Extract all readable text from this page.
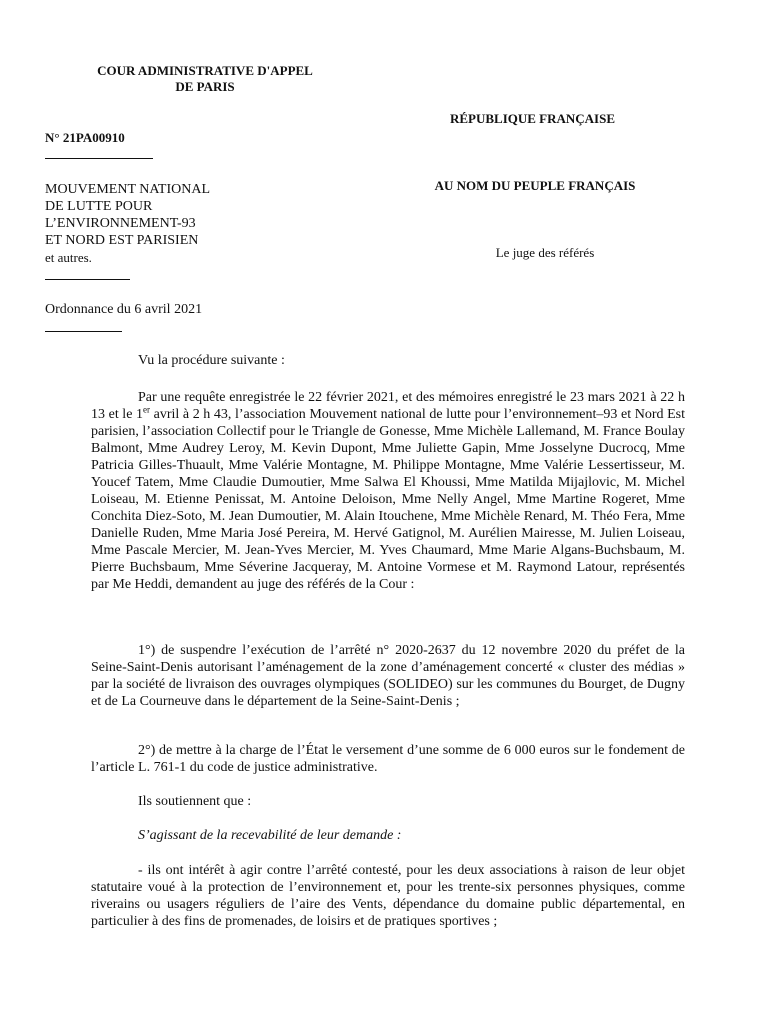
COUR ADMINISTRATIVE D'APPEL
DE PARIS
N° 21PA00910
MOUVEMENT NATIONAL
DE LUTTE POUR
L’ENVIRONNEMENT-93
ET NORD EST PARISIEN
et autres.
Ordonnance du 6 avril 2021
RÉPUBLIQUE FRANÇAISE
AU NOM DU PEUPLE FRANÇAIS
Le juge des référés

Vu la procédure suivante :

Par une requête enregistrée le 22 février 2021, et des mémoires enregistré le 23 mars 2021 à 22 h 13 et le 1er avril à 2 h 43, l’association Mouvement national de lutte pour l’environnement–93 et Nord Est parisien, l’association Collectif pour le Triangle de Gonesse, Mme Michèle Lallemand, M. France Boulay Balmont, Mme Audrey Leroy, M. Kevin Dupont, Mme Juliette Gapin, Mme Josselyne Ducrocq, Mme Patricia Gilles-Thuault, Mme Valérie Montagne, M. Philippe Montagne, Mme Valérie Lessertisseur, M. Youcef Tatem, Mme Claudie Dumoutier, Mme Salwa El Khoussi, Mme Matilda Mijajlovic, M. Michel Loiseau, M. Etienne Penissat, M. Antoine Deloison, Mme Nelly Angel, Mme Martine Rogeret, Mme Conchita Diez-Soto, M. Jean Dumoutier, M. Alain Itouchene, Mme Michèle Renard, M. Théo Fera, Mme Danielle Ruden, Mme Maria José Pereira, M. Hervé Gatignol, M. Aurélien Mairesse, M. Julien Loiseau, Mme Pascale Mercier, M. Jean-Yves Mercier, M. Yves Chaumard, Mme Marie Algans-Buchsbaum, M. Pierre Buchsbaum, Mme Séverine Jacqueray, M. Antoine Vormese et M. Raymond Latour, représentés par Me Heddi, demandent au juge des référés de la Cour :

1°) de suspendre l’exécution de l’arrêté n° 2020-2637 du 12 novembre 2020 du préfet de la Seine-Saint-Denis autorisant l’aménagement de la zone d’aménagement concerté « cluster des médias » par la société de livraison des ouvrages olympiques (SOLIDEO) sur les communes du Bourget, de Dugny et de La Courneuve dans le département de la Seine-Saint-Denis ;

2°) de mettre à la charge de l’État le versement d’une somme de 6 000 euros sur le fondement de l’article L. 761-1 du code de justice administrative.

Ils soutiennent que :

S’agissant de la recevabilité de leur demande :

- ils ont intérêt à agir contre l’arrêté contesté, pour les deux associations à raison de leur objet statutaire voué à la protection de l’environnement et, pour les trente-six personnes physiques, comme riverains ou usagers réguliers de l’aire des Vents, dépendance du domaine public départemental, en particulier à des fins de promenades, de loisirs et de pratiques sportives ;
